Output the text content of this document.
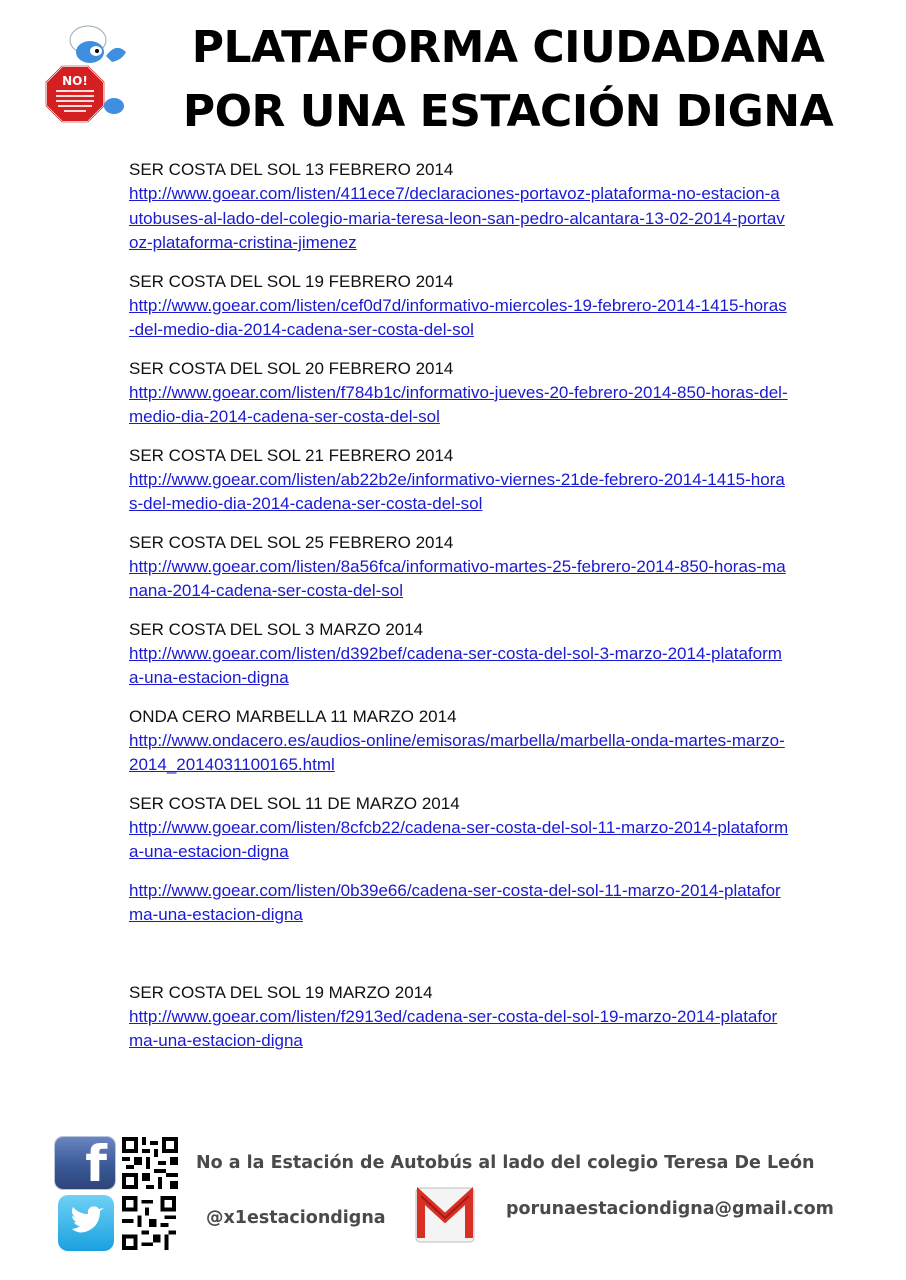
NO!
PLATAFORMA CIUDADANA
POR UNA ESTACIÓN DIGNA
SER COSTA DEL SOL 13 FEBRERO 2014
http://www.goear.com/listen/411ece7/declaraciones-portavoz-plataforma-no-estacion-autobuses-al-lado-del-colegio-maria-teresa-leon-san-pedro-alcantara-13-02-2014-portavoz-plataforma-cristina-jimenez
SER COSTA DEL SOL 19 FEBRERO 2014
http://www.goear.com/listen/cef0d7d/informativo-miercoles-19-febrero-2014-1415-horas-del-medio-dia-2014-cadena-ser-costa-del-sol
SER COSTA DEL SOL 20 FEBRERO 2014
http://www.goear.com/listen/f784b1c/informativo-jueves-20-febrero-2014-850-horas-del-medio-dia-2014-cadena-ser-costa-del-sol
SER COSTA DEL SOL 21 FEBRERO 2014
http://www.goear.com/listen/ab22b2e/informativo-viernes-21de-febrero-2014-1415-horas-del-medio-dia-2014-cadena-ser-costa-del-sol
SER COSTA DEL SOL 25 FEBRERO 2014
http://www.goear.com/listen/8a56fca/informativo-martes-25-febrero-2014-850-horas-manana-2014-cadena-ser-costa-del-sol
SER COSTA DEL SOL 3 MARZO 2014
http://www.goear.com/listen/d392bef/cadena-ser-costa-del-sol-3-marzo-2014-plataforma-una-estacion-digna
ONDA CERO MARBELLA 11 MARZO 2014
http://www.ondacero.es/audios-online/emisoras/marbella/marbella-onda-martes-marzo-2014_2014031100165.html
SER COSTA DEL SOL 11 DE MARZO 2014
http://www.goear.com/listen/8cfcb22/cadena-ser-costa-del-sol-11-marzo-2014-plataforma-una-estacion-digna
http://www.goear.com/listen/0b39e66/cadena-ser-costa-del-sol-11-marzo-2014-plataforma-una-estacion-digna
SER COSTA DEL SOL 19 MARZO 2014
http://www.goear.com/listen/f2913ed/cadena-ser-costa-del-sol-19-marzo-2014-plataforma-una-estacion-digna
f	No a la Estación de Autobús al lado del colegio Teresa De León
@x1estaciondigna	porunaestaciondigna@gmail.com
